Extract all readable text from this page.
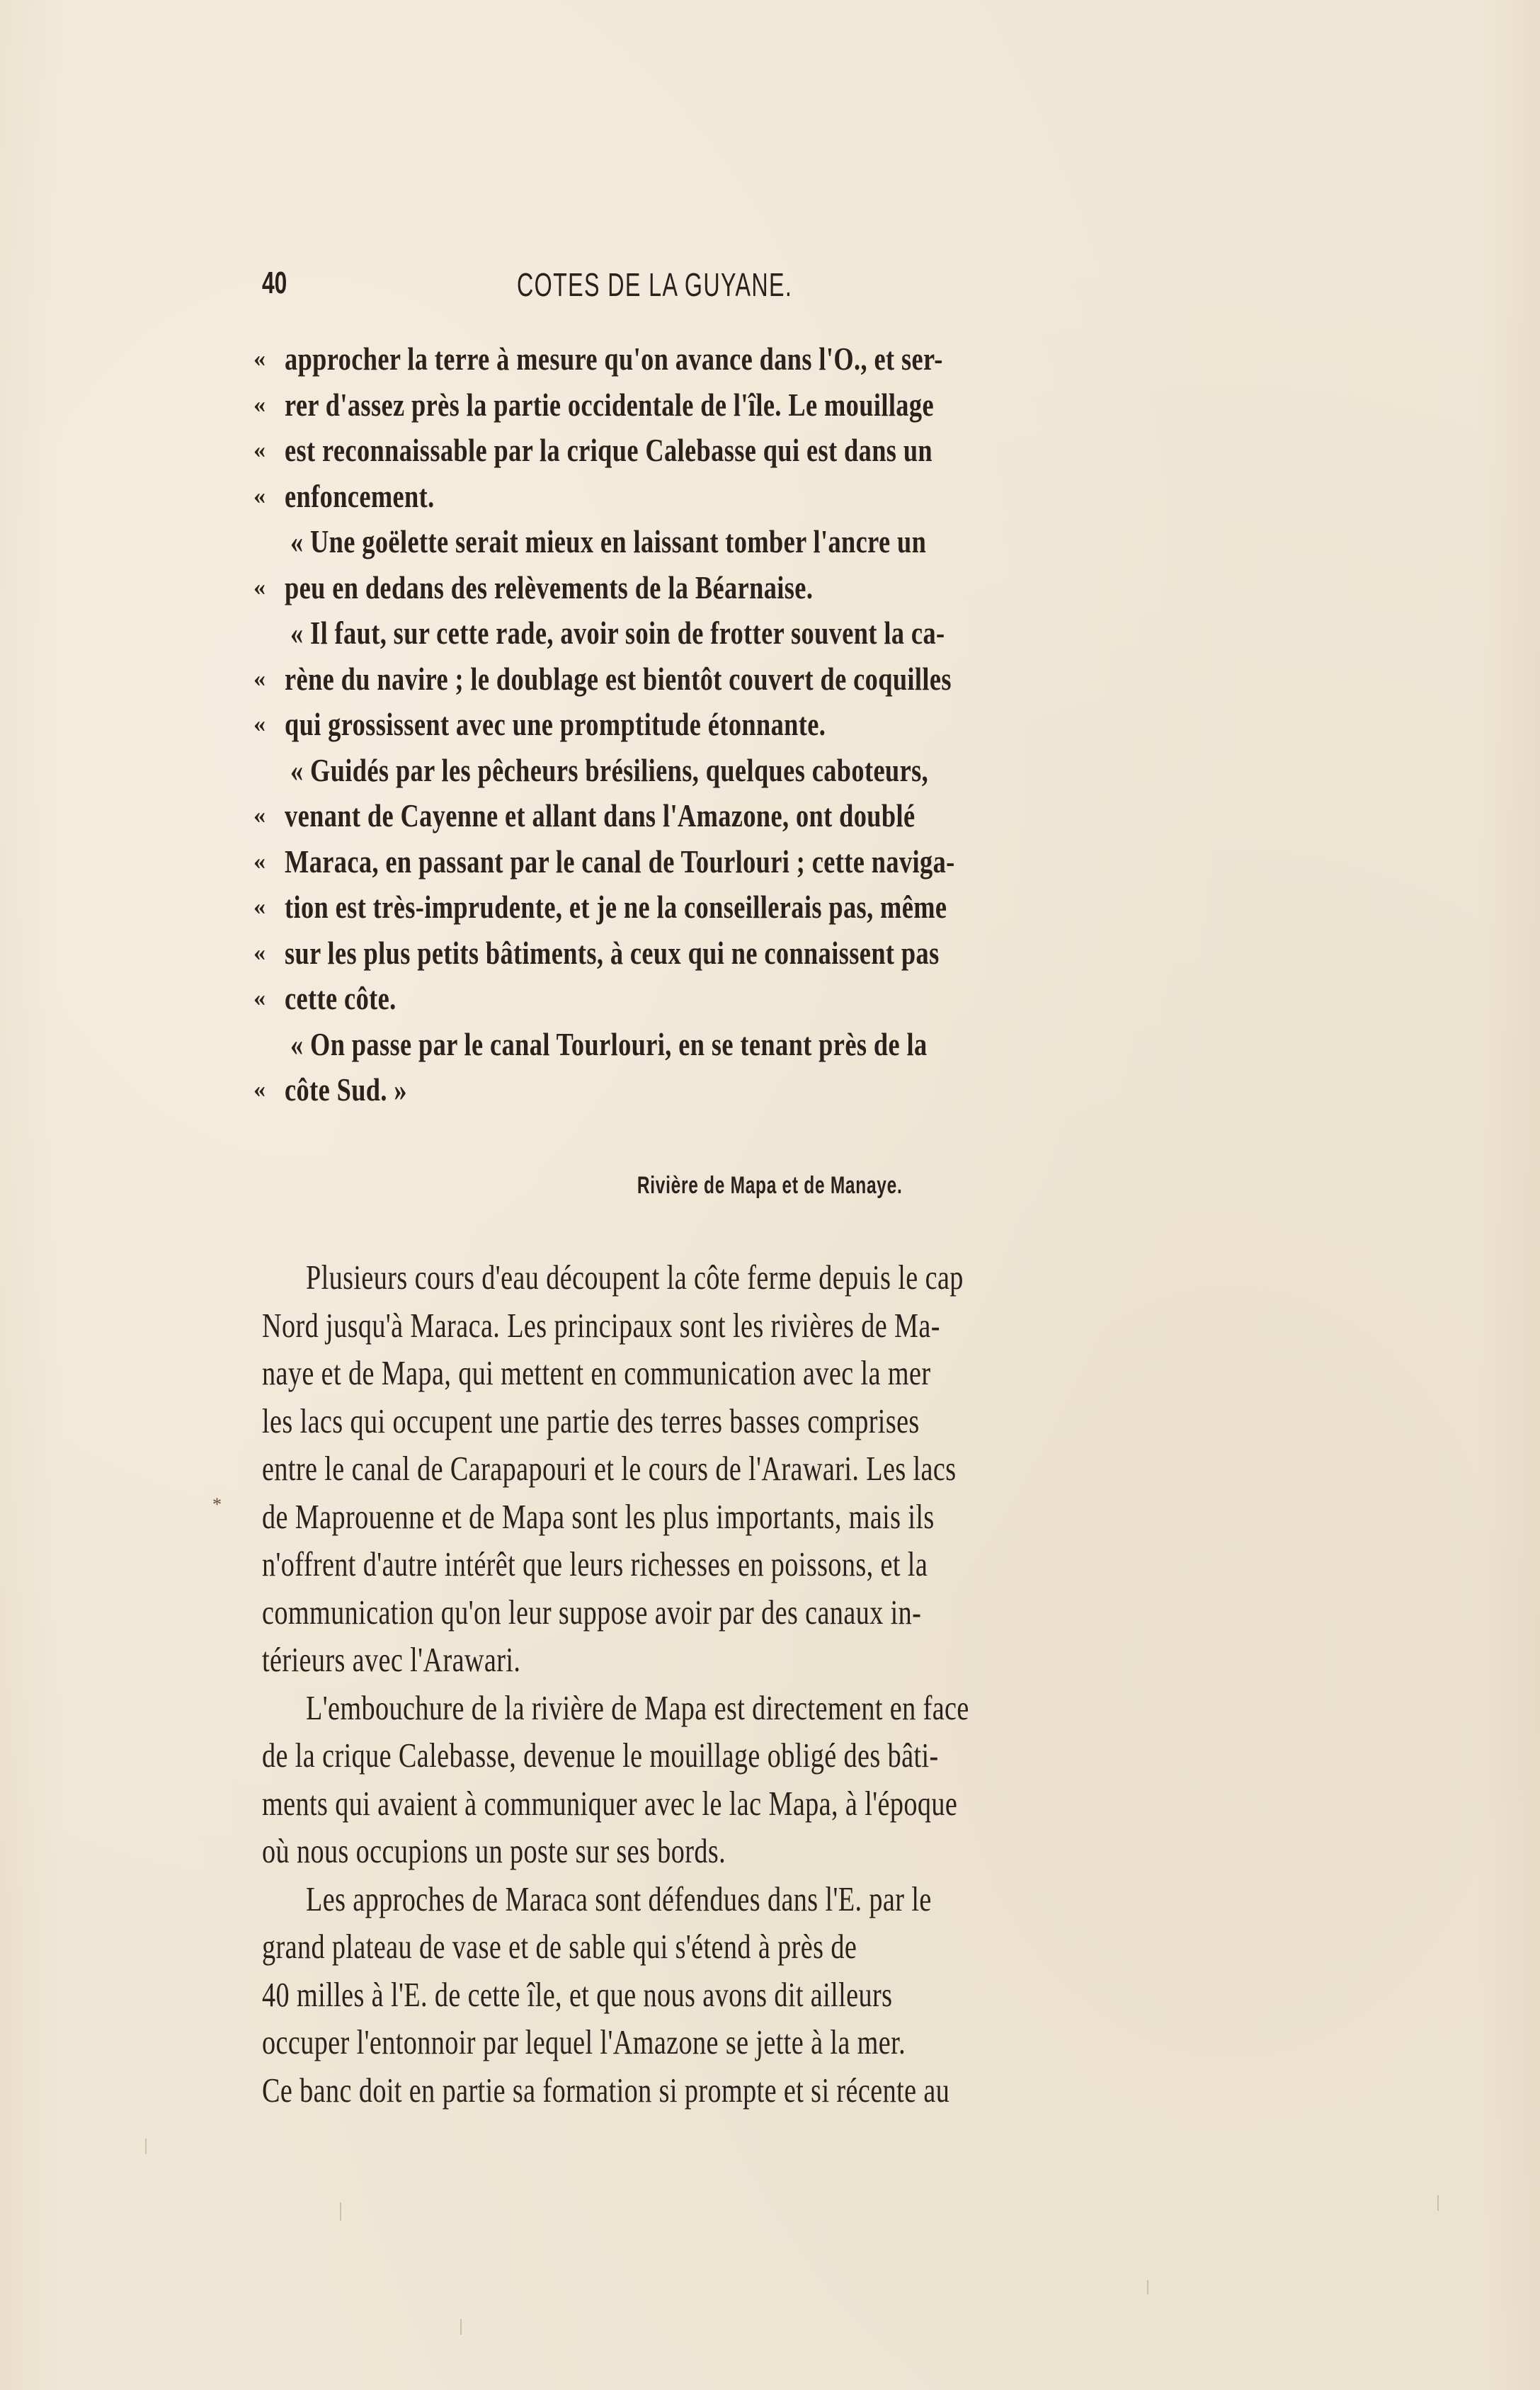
40	COTES DE LA GUYANE.
« approcher la terre à mesure qu'on avance dans l'O., et ser-
« rer d'assez près la partie occidentale de l'île. Le mouillage
« est reconnaissable par la crique Calebasse qui est dans un
« enfoncement.
« Une goëlette serait mieux en laissant tomber l'ancre un
« peu en dedans des relèvements de la Béarnaise.
« Il faut, sur cette rade, avoir soin de frotter souvent la ca-
« rène du navire ; le doublage est bientôt couvert de coquilles
« qui grossissent avec une promptitude étonnante.
« Guidés par les pêcheurs brésiliens, quelques caboteurs,
« venant de Cayenne et allant dans l'Amazone, ont doublé
« Maraca, en passant par le canal de Tourlouri ; cette naviga-
« tion est très-imprudente, et je ne la conseillerais pas, même
« sur les plus petits bâtiments, à ceux qui ne connaissent pas
« cette côte.
« On passe par le canal Tourlouri, en se tenant près de la
« côte Sud. »
Rivière de Mapa et de Manaye.
Plusieurs cours d'eau découpent la côte ferme depuis le cap
Nord jusqu'à Maraca. Les principaux sont les rivières de Ma-
naye et de Mapa, qui mettent en communication avec la mer
les lacs qui occupent une partie des terres basses comprises
entre le canal de Carapapouri et le cours de l'Arawari. Les lacs
de Maprouenne et de Mapa sont les plus importants, mais ils
n'offrent d'autre intérêt que leurs richesses en poissons, et la
communication qu'on leur suppose avoir par des canaux in-
térieurs avec l'Arawari.
L'embouchure de la rivière de Mapa est directement en face
de la crique Calebasse, devenue le mouillage obligé des bâti-
ments qui avaient à communiquer avec le lac Mapa, à l'époque
où nous occupions un poste sur ses bords.
Les approches de Maraca sont défendues dans l'E. par le
grand plateau de vase et de sable qui s'étend à près de
40 milles à l'E. de cette île, et que nous avons dit ailleurs
occuper l'entonnoir par lequel l'Amazone se jette à la mer.
Ce banc doit en partie sa formation si prompte et si récente au
*
